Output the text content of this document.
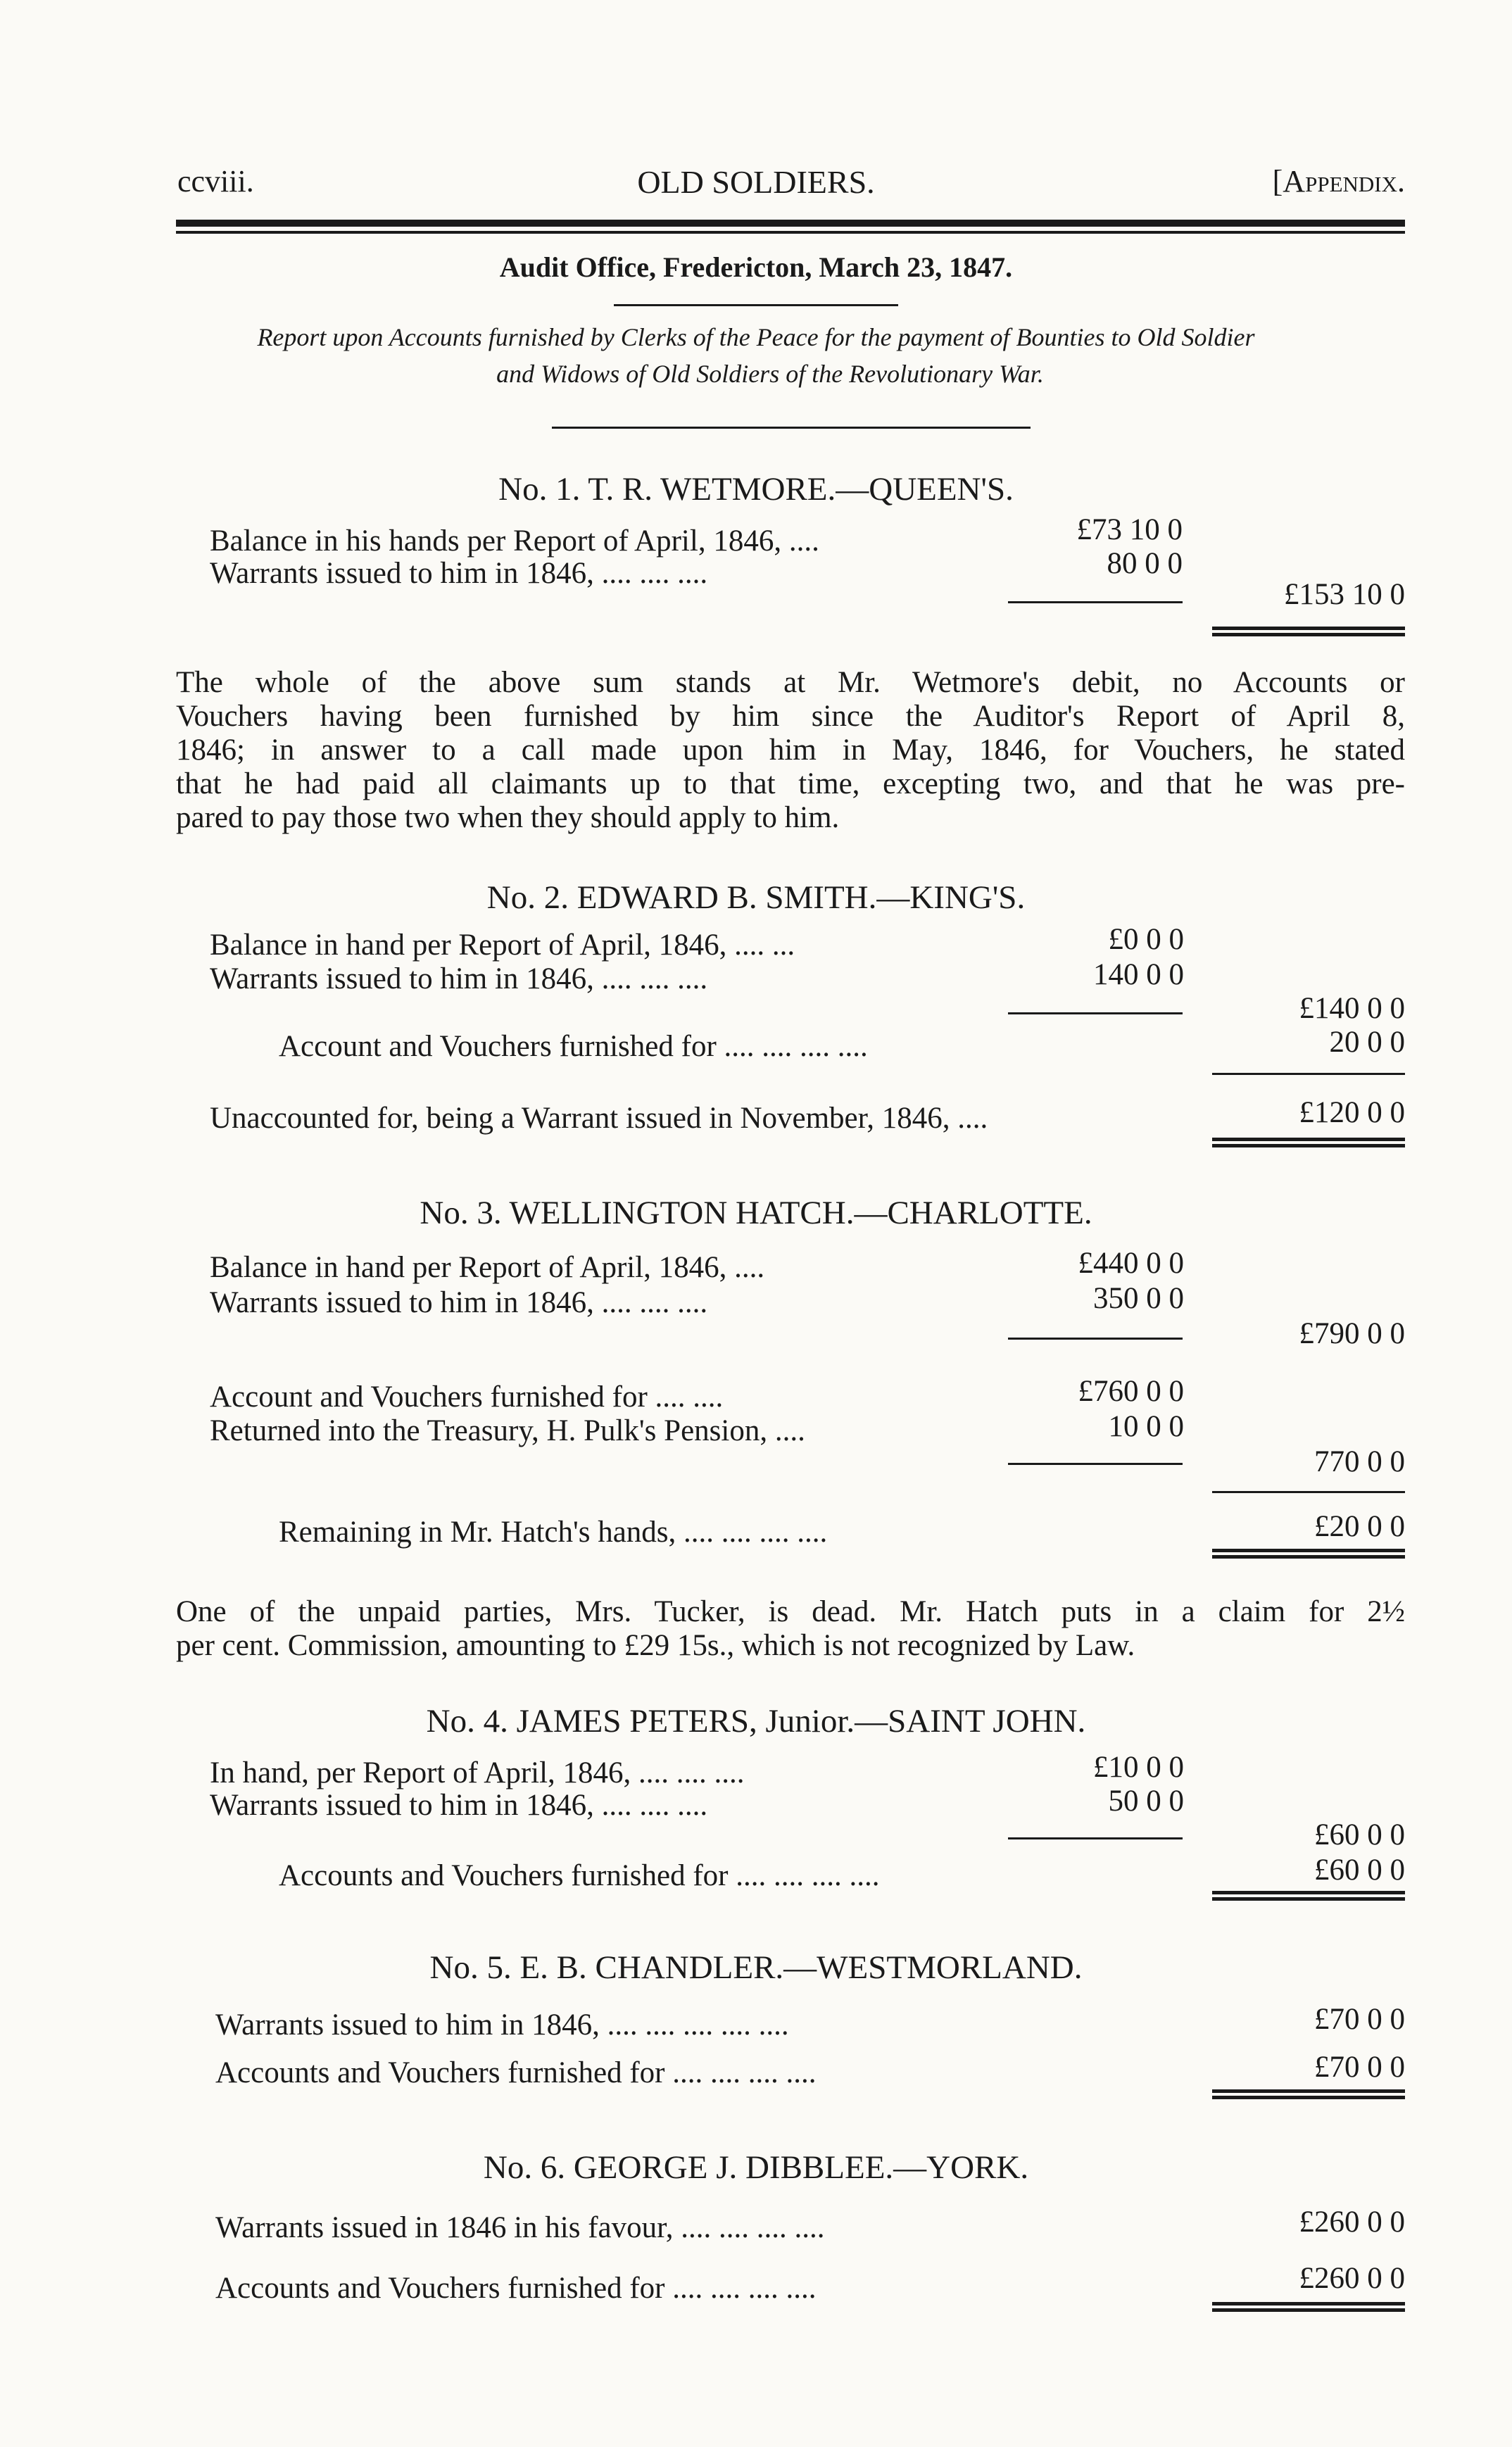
ccviii.	OLD SOLDIERS.	[Appendix.
Audit Office, Fredericton, March 23, 1847.
Report upon Accounts furnished by Clerks of the Peace for the payment of Bounties to Old Soldier
and Widows of Old Soldiers of the Revolutionary War.
No. 1. T. R. WETMORE.—QUEEN'S.
Balance in his hands per Report of April, 1846, ....	£73 10 0
Warrants issued to him in 1846, .... .... ....	80 0 0
£153 10 0
The whole of the above sum stands at Mr. Wetmore's debit, no Accounts or
Vouchers having been furnished by him since the Auditor's Report of April 8,
1846; in answer to a call made upon him in May, 1846, for Vouchers, he stated
that he had paid all claimants up to that time, excepting two, and that he was pre-
pared to pay those two when they should apply to him.
No. 2. EDWARD B. SMITH.—KING'S.
Balance in hand per Report of April, 1846, .... ...	£0 0 0
Warrants issued to him in 1846, .... .... ....	140 0 0
£140 0 0
Account and Vouchers furnished for .... .... .... ....	20 0 0
Unaccounted for, being a Warrant issued in November, 1846, ....	£120 0 0
No. 3. WELLINGTON HATCH.—CHARLOTTE.
Balance in hand per Report of April, 1846, ....	£440 0 0
Warrants issued to him in 1846, .... .... ....	350 0 0
£790 0 0
Account and Vouchers furnished for .... ....	£760 0 0
Returned into the Treasury, H. Pulk's Pension, ....	10 0 0
770 0 0
Remaining in Mr. Hatch's hands, .... .... .... ....	£20 0 0
One of the unpaid parties, Mrs. Tucker, is dead. Mr. Hatch puts in a claim for 2½
per cent. Commission, amounting to £29 15s., which is not recognized by Law.
No. 4. JAMES PETERS, Junior.—SAINT JOHN.
In hand, per Report of April, 1846, .... .... ....	£10 0 0
Warrants issued to him in 1846, .... .... ....	50 0 0
£60 0 0
Accounts and Vouchers furnished for .... .... .... ....	£60 0 0
No. 5. E. B. CHANDLER.—WESTMORLAND.
Warrants issued to him in 1846, .... .... .... .... ....	£70 0 0
Accounts and Vouchers furnished for .... .... .... ....	£70 0 0
No. 6. GEORGE J. DIBBLEE.—YORK.
Warrants issued in 1846 in his favour, .... .... .... ....	£260 0 0
Accounts and Vouchers furnished for .... .... .... ....	£260 0 0
